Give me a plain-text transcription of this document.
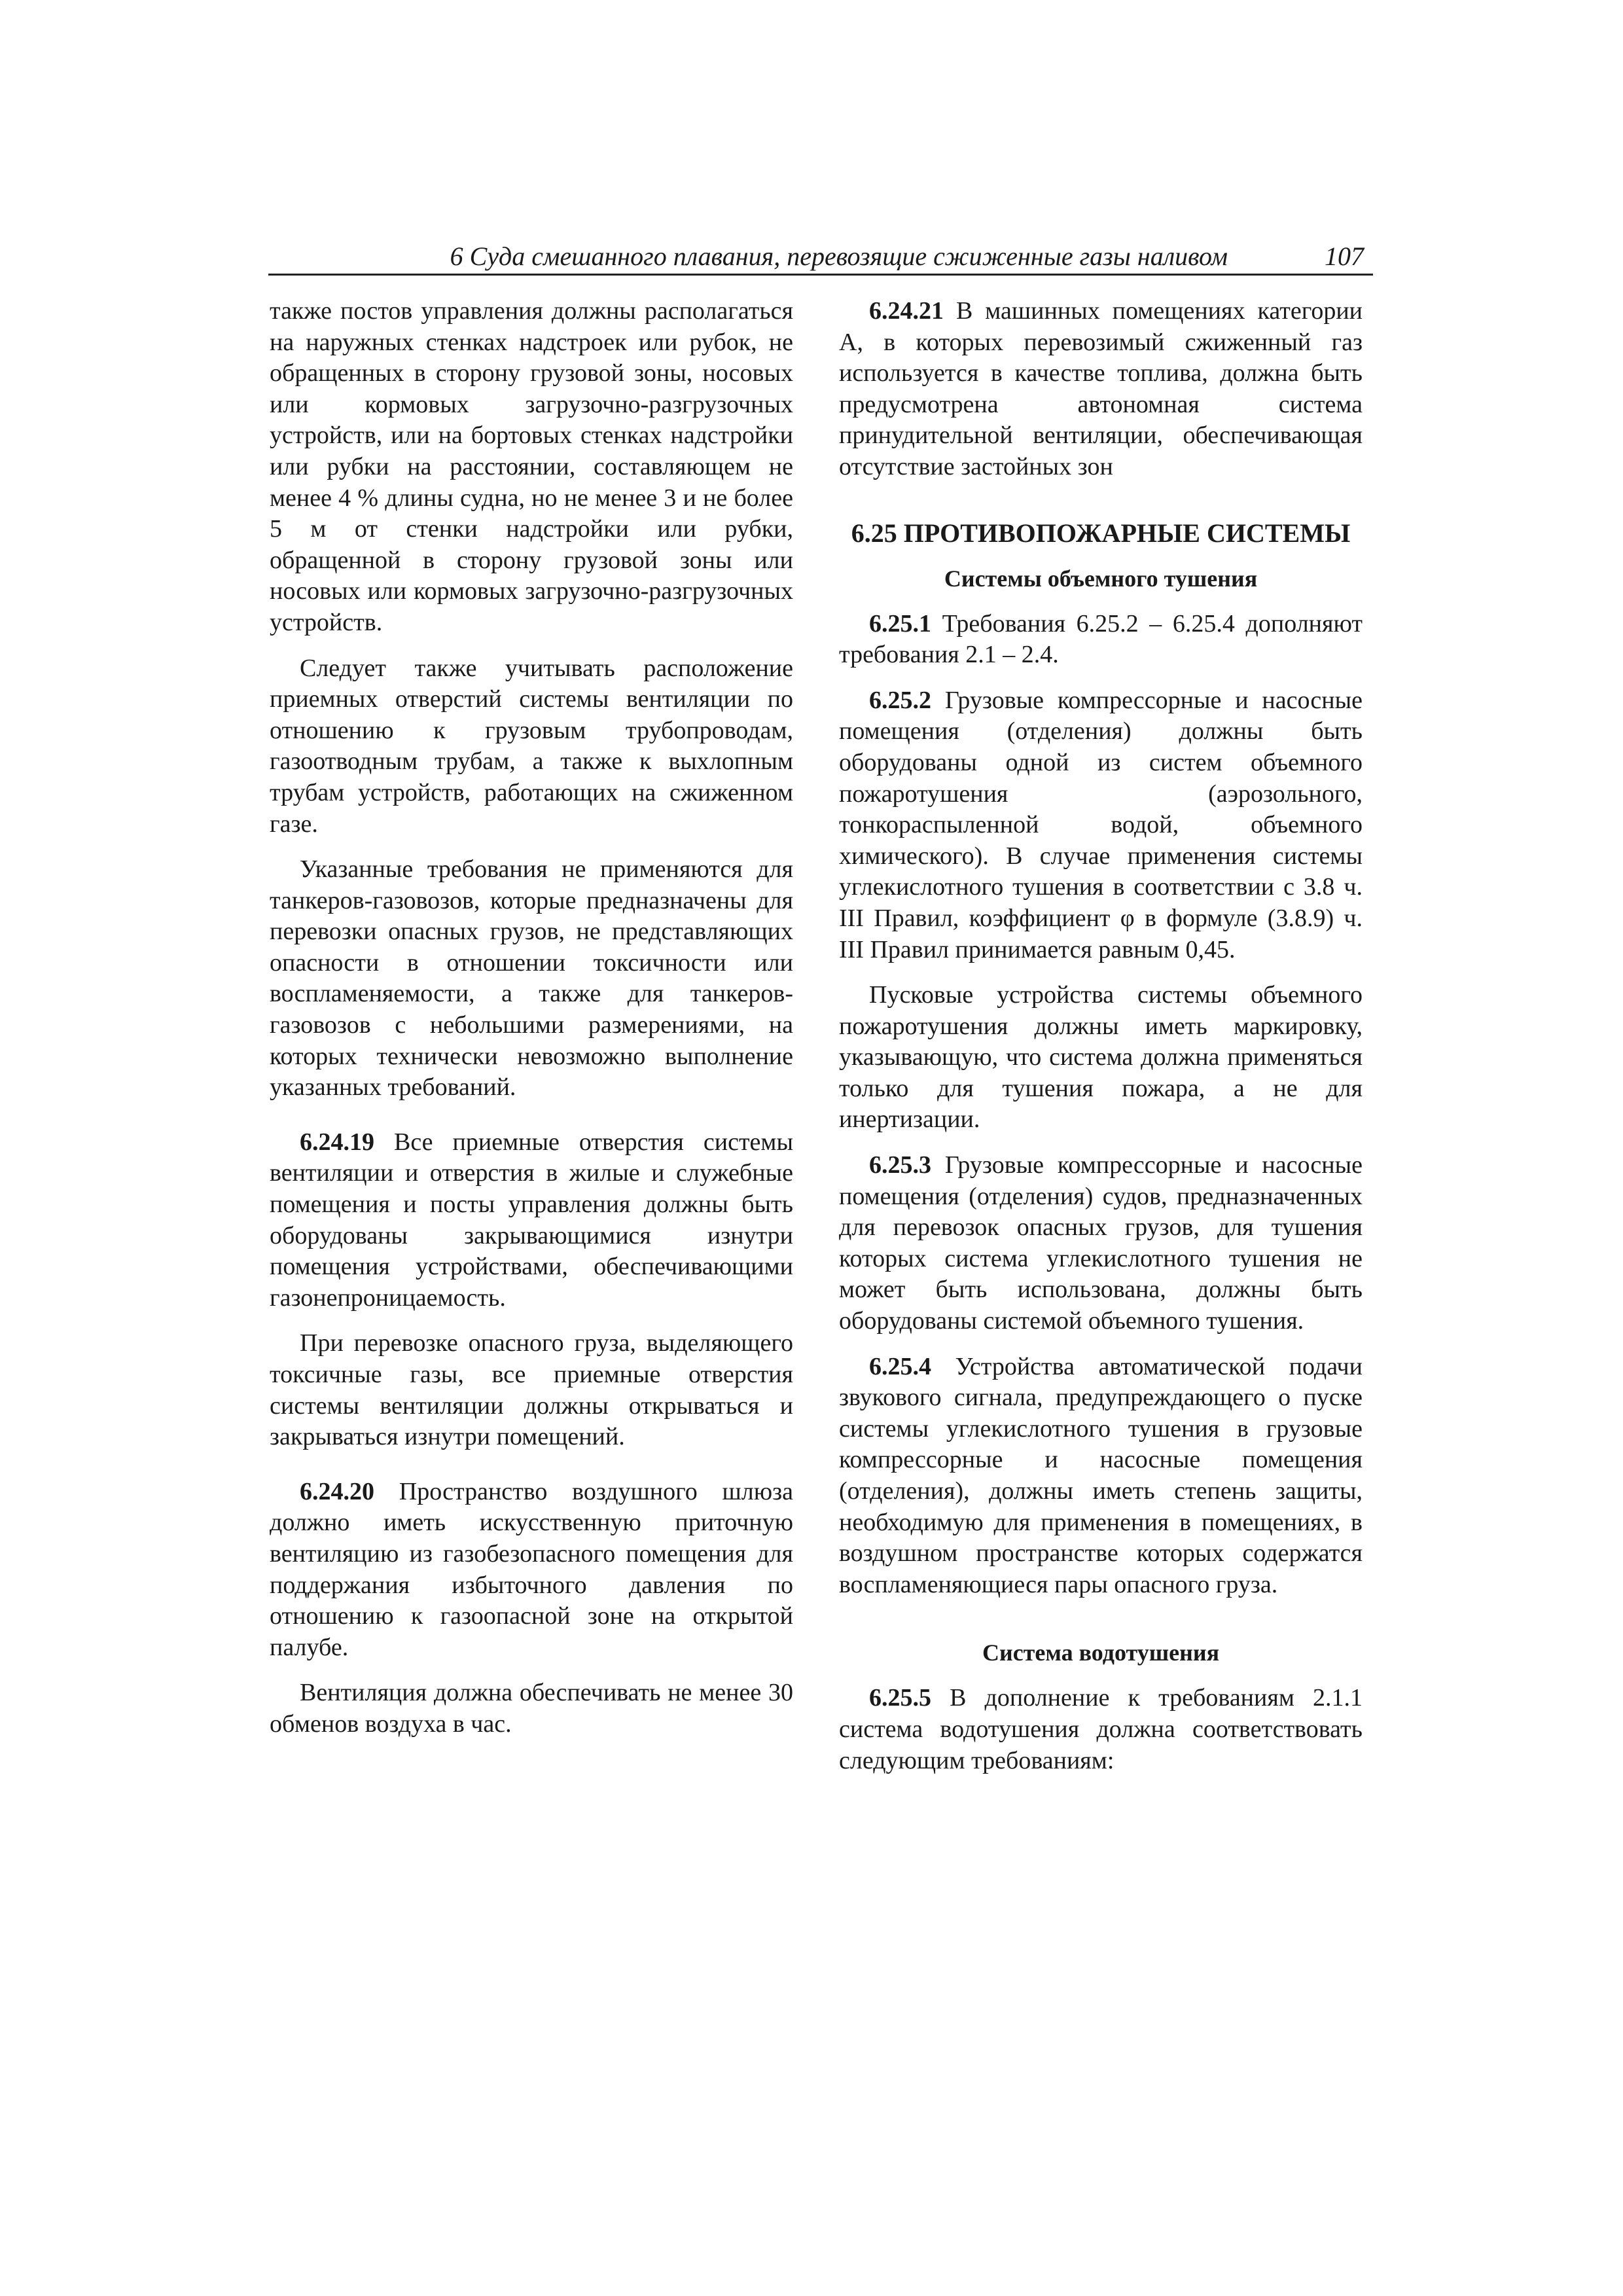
6 Суда смешанного плавания, перевозящие сжиженные газы наливом	107

также постов управления должны располагаться на наружных стенках надстроек или рубок, не обращенных в сторону грузовой зоны, носовых или кормовых загрузочно-разгрузочных устройств, или на бортовых стенках надстройки или рубки на расстоянии, составляющем не менее 4 % длины судна, но не менее 3 и не более 5 м от стенки надстройки или рубки, обращенной в сторону грузовой зоны или носовых или кормовых загрузочно-разгрузочных устройств.

Следует также учитывать расположение приемных отверстий системы вентиляции по отношению к грузовым трубопроводам, газоотводным трубам, а также к выхлопным трубам устройств, работающих на сжиженном газе.

Указанные требования не применяются для танкеров-газовозов, которые предназначены для перевозки опасных грузов, не представляющих опасности в отношении токсичности или воспламеняемости, а также для танкеров-газовозов с небольшими размерениями, на которых технически невозможно выполнение указанных требований.

6.24.19 Все приемные отверстия системы вентиляции и отверстия в жилые и служебные помещения и посты управления должны быть оборудованы закрывающимися изнутри помещения устройствами, обеспечивающими газонепроницаемость.

При перевозке опасного груза, выделяющего токсичные газы, все приемные отверстия системы вентиляции должны открываться и закрываться изнутри помещений.

6.24.20 Пространство воздушного шлюза должно иметь искусственную приточную вентиляцию из газобезопасного помещения для поддержания избыточного давления по отношению к газоопасной зоне на открытой палубе.

Вентиляция должна обеспечивать не менее 30 обменов воздуха в час.

6.24.21 В машинных помещениях категории А, в которых перевозимый сжиженный газ используется в качестве топлива, должна быть предусмотрена автономная система принудительной вентиляции, обеспечивающая отсутствие застойных зон

6.25 ПРОТИВОПОЖАРНЫЕ СИСТЕМЫ
Системы объемного тушения

6.25.1 Требования 6.25.2 – 6.25.4 дополняют требования 2.1 – 2.4.

6.25.2 Грузовые компрессорные и насосные помещения (отделения) должны быть оборудованы одной из систем объемного пожаротушения (аэрозольного, тонкораспыленной водой, объемного химического). В случае применения системы углекислотного тушения в соответствии с 3.8 ч. III Правил, коэффициент φ в формуле (3.8.9) ч. III Правил принимается равным 0,45.

Пусковые устройства системы объемного пожаротушения должны иметь маркировку, указывающую, что система должна применяться только для тушения пожара, а не для инертизации.

6.25.3 Грузовые компрессорные и насосные помещения (отделения) судов, предназначенных для перевозок опасных грузов, для тушения которых система углекислотного тушения не может быть использована, должны быть оборудованы системой объемного тушения.

6.25.4 Устройства автоматической подачи звукового сигнала, предупреждающего о пуске системы углекислотного тушения в грузовые компрессорные и насосные помещения (отделения), должны иметь степень защиты, необходимую для применения в помещениях, в воздушном пространстве которых содержатся воспламеняющиеся пары опасного груза.

Система водотушения

6.25.5 В дополнение к требованиям 2.1.1 система водотушения должна соответствовать следующим требованиям:
